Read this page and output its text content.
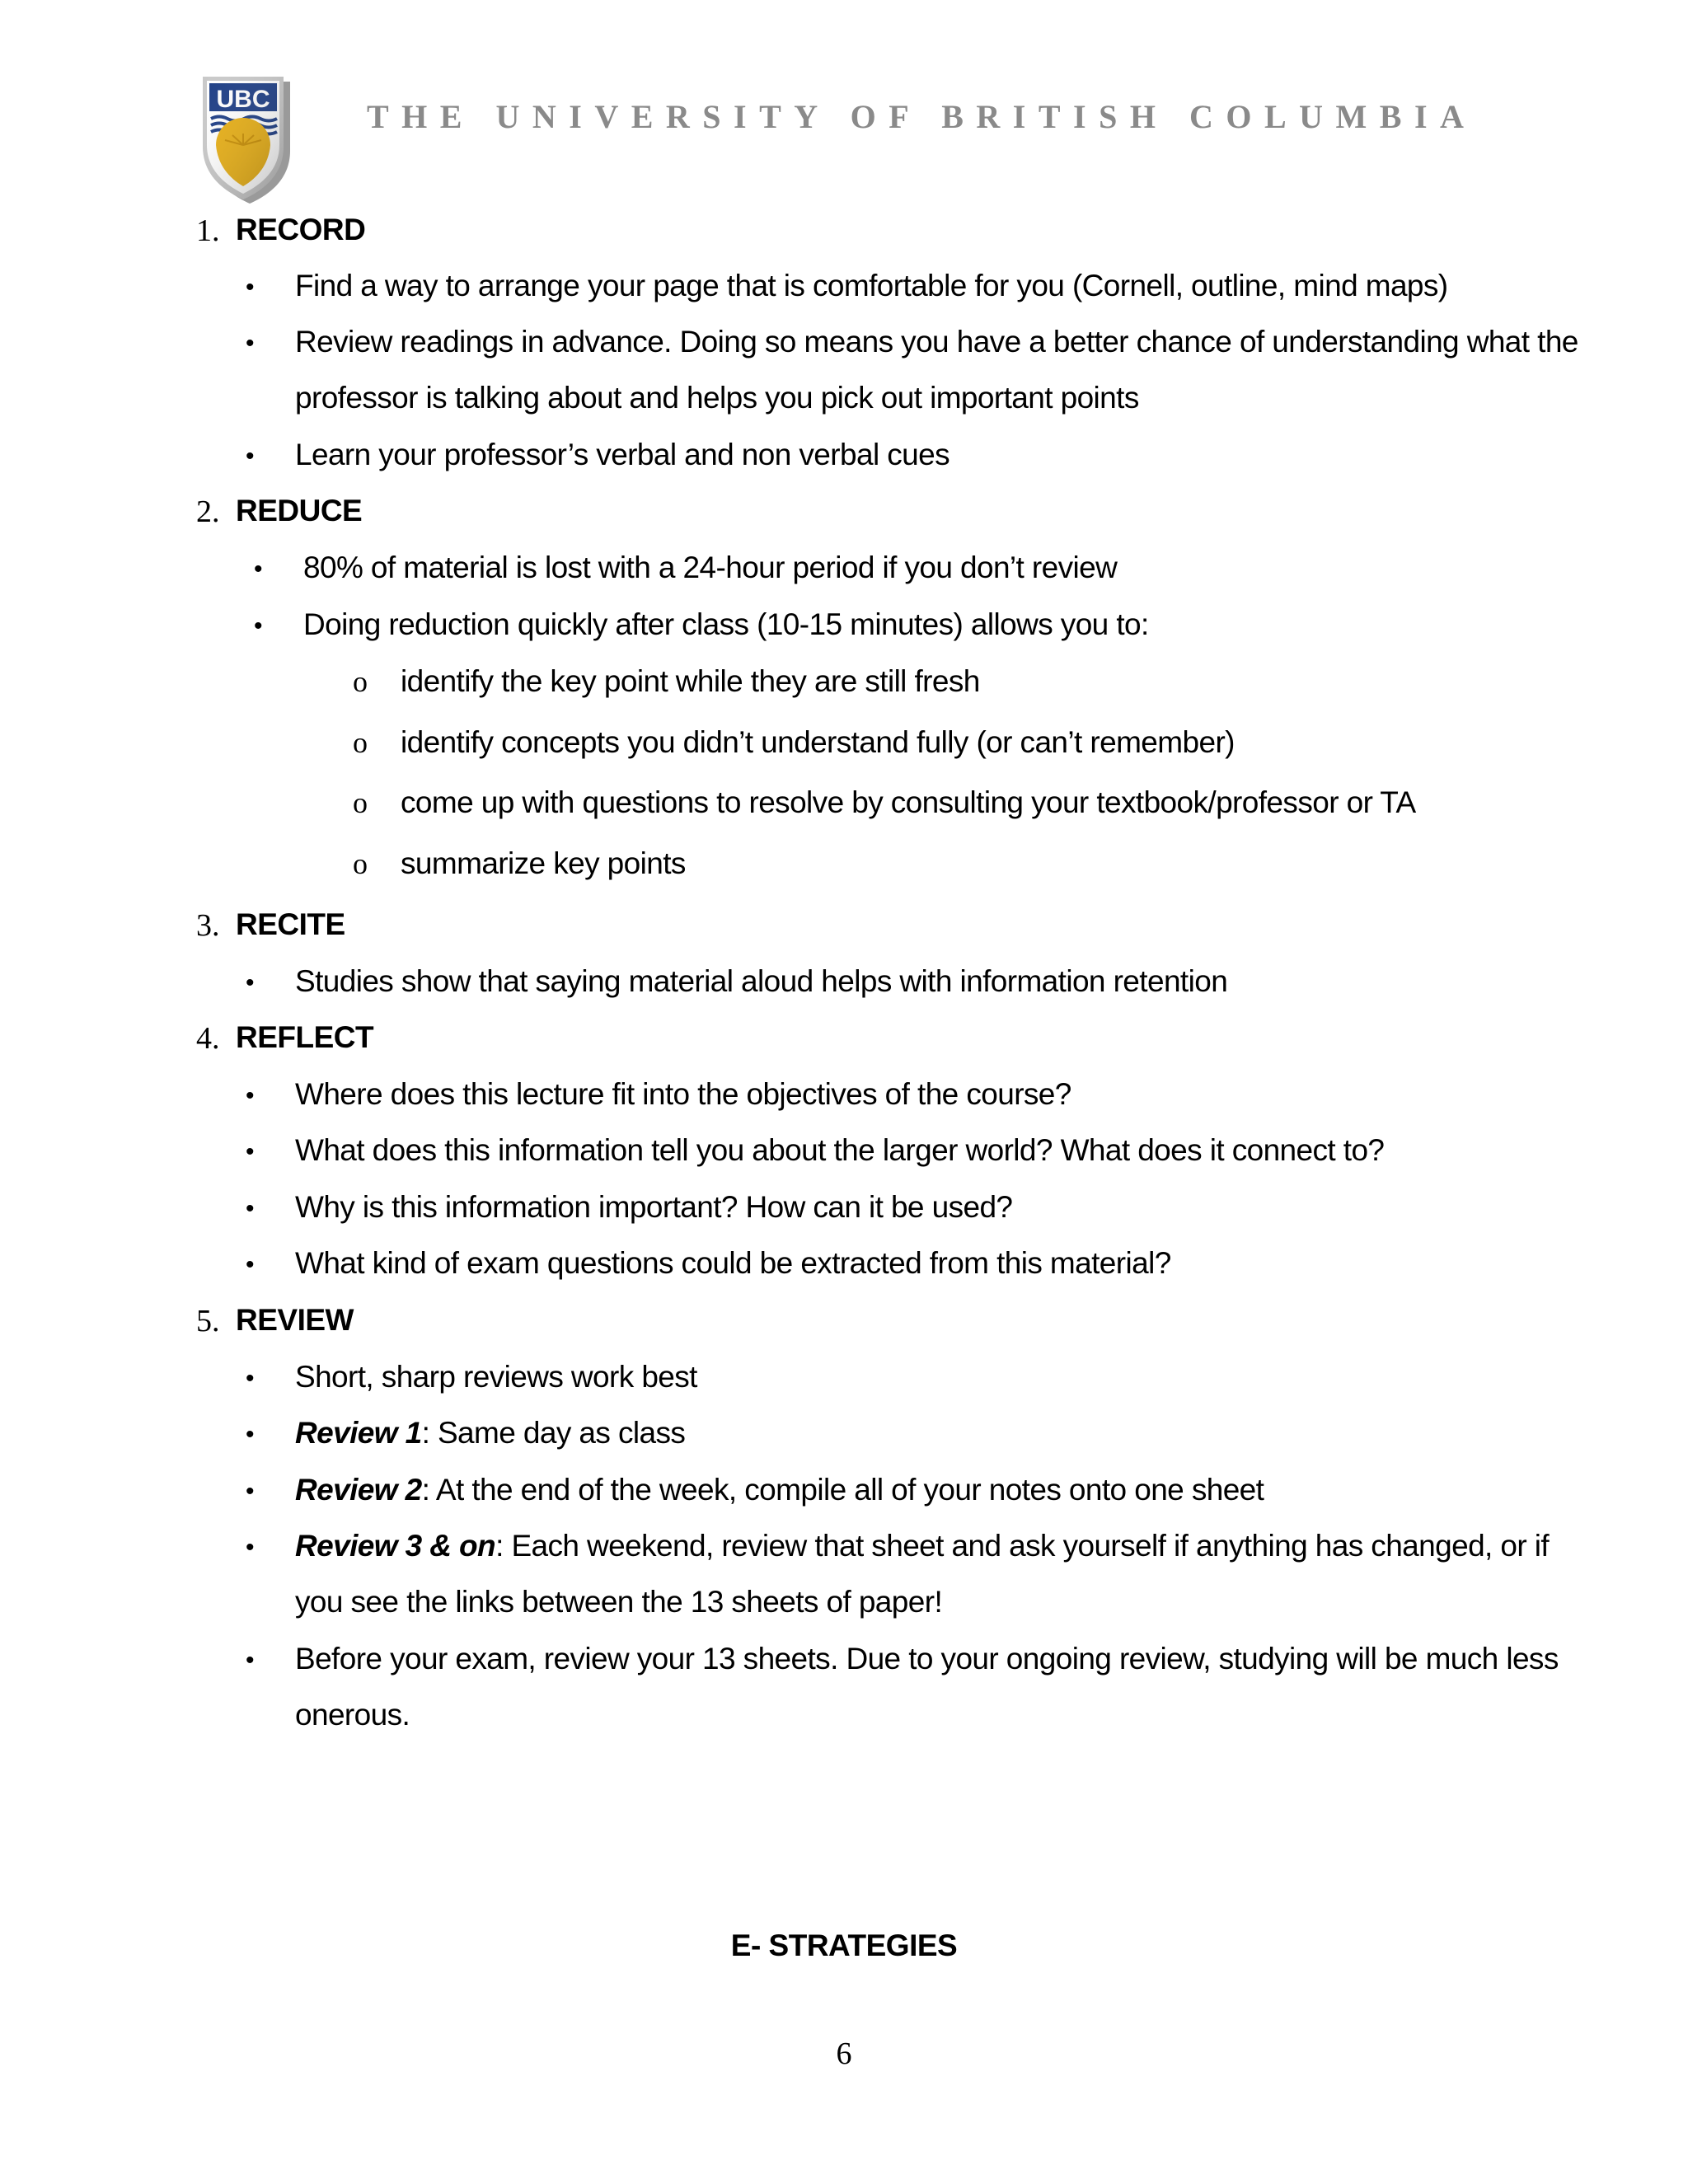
THE UNIVERSITY OF BRITISH COLUMBIA
1. RECORD
• Find a way to arrange your page that is comfortable for you (Cornell, outline, mind maps)
• Review readings in advance. Doing so means you have a better chance of understanding what the
professor is talking about and helps you pick out important points
• Learn your professor’s verbal and non verbal cues
2. REDUCE
• 80% of material is lost with a 24-hour period if you don’t review
• Doing reduction quickly after class (10-15 minutes) allows you to:
o identify the key point while they are still fresh
o identify concepts you didn’t understand fully (or can’t remember)
o come up with questions to resolve by consulting your textbook/professor or TA
o summarize key points
3. RECITE
• Studies show that saying material aloud helps with information retention
4. REFLECT
• Where does this lecture fit into the objectives of the course?
• What does this information tell you about the larger world? What does it connect to?
• Why is this information important? How can it be used?
• What kind of exam questions could be extracted from this material?
5. REVIEW
• Short, sharp reviews work best
• Review 1: Same day as class
• Review 2: At the end of the week, compile all of your notes onto one sheet
• Review 3 & on: Each weekend, review that sheet and ask yourself if anything has changed, or if
you see the links between the 13 sheets of paper!
• Before your exam, review your 13 sheets. Due to your ongoing review, studying will be much less
onerous.
E- STRATEGIES
6
